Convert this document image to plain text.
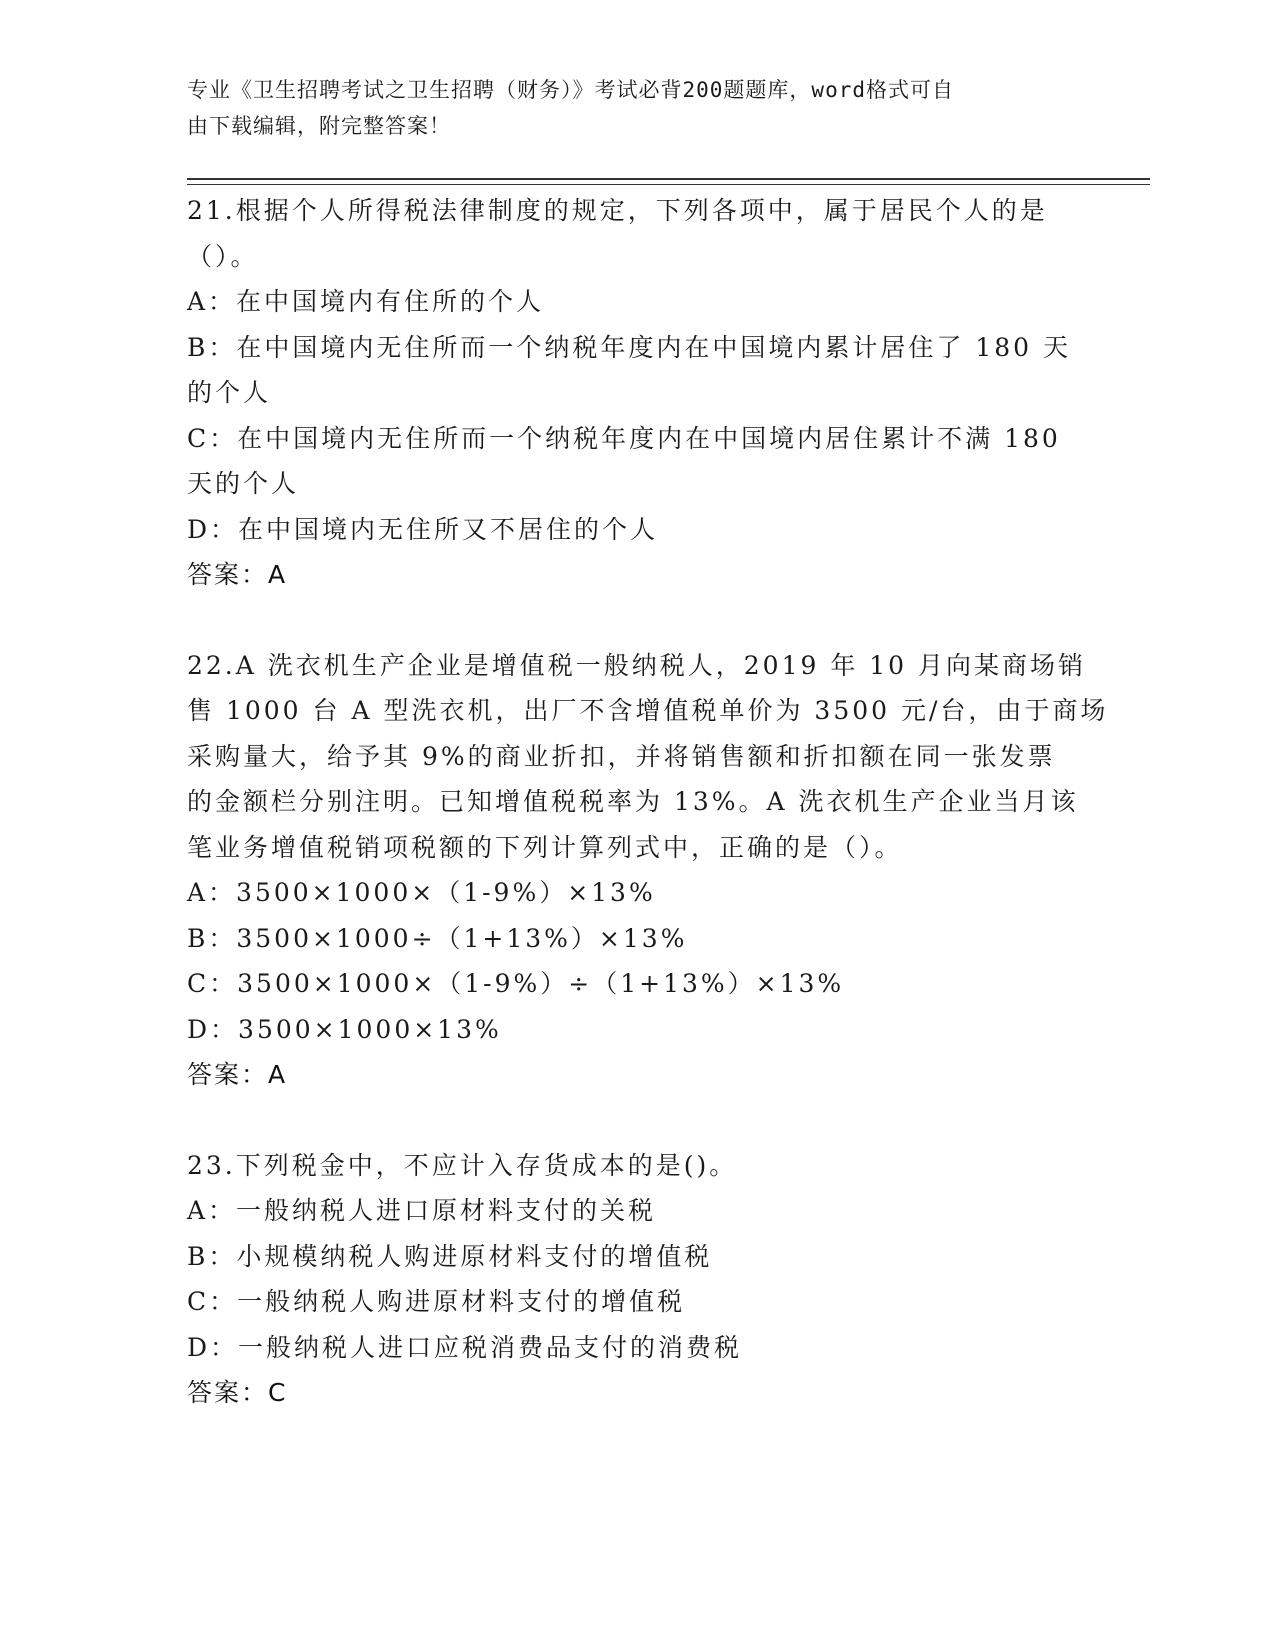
专业《卫生招聘考试之卫生招聘（财务）》考试必背200题题库，word格式可自
由下载编辑，附完整答案！
21.根据个人所得税法律制度的规定，下列各项中，属于居民个人的是
（）。
A：在中国境内有住所的个人
B：在中国境内无住所而一个纳税年度内在中国境内累计居住了 180 天
的个人
C：在中国境内无住所而一个纳税年度内在中国境内居住累计不满 180
天的个人
D：在中国境内无住所又不居住的个人
答案：A
22.A 洗衣机生产企业是增值税一般纳税人，2019 年 10 月向某商场销
售 1000 台 A 型洗衣机，出厂不含增值税单价为 3500 元/台，由于商场
采购量大，给予其 9%的商业折扣，并将销售额和折扣额在同一张发票
的金额栏分别注明。已知增值税税率为 13%。A 洗衣机生产企业当月该
笔业务增值税销项税额的下列计算列式中，正确的是（）。
A：3500×1000×（1-9%）×13%
B：3500×1000÷（1+13%）×13%
C：3500×1000×（1-9%）÷（1+13%）×13%
D：3500×1000×13%
答案：A
23.下列税金中，不应计入存货成本的是()。
A：一般纳税人进口原材料支付的关税
B：小规模纳税人购进原材料支付的增值税
C：一般纳税人购进原材料支付的增值税
D：一般纳税人进口应税消费品支付的消费税
答案：C
